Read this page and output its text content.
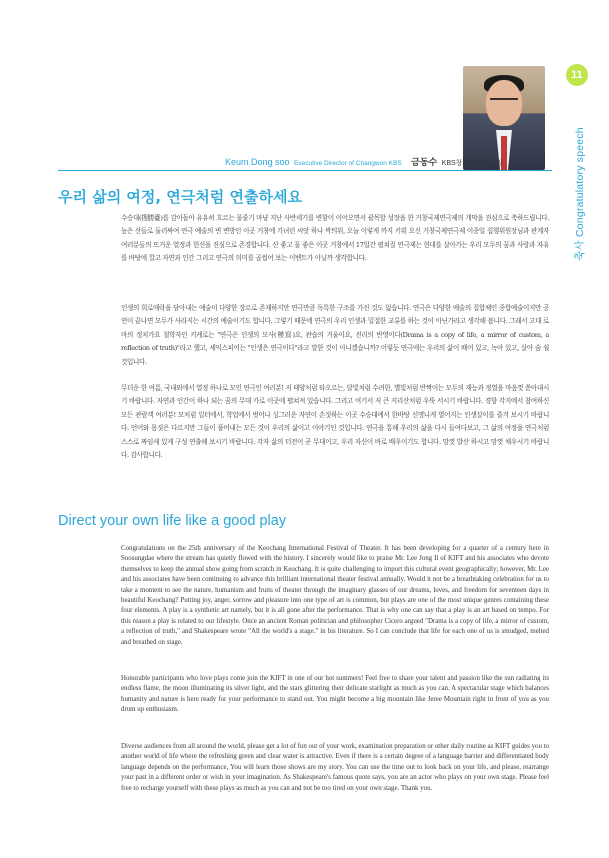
11
축사 Congratulatory speech
Keum Dong soo Executive Director of Changwon KBS 금동수 KBS창원방송총국장
우리 삶의 여정, 연극처럼 연출하세요

수승대(搜勝臺)를 감아돌아 유유히 흐르는 물줄기 마냥 지난 사반세기를 변함이 이어오면서 괄목할 성장을 한 거창국제연극제의 개막을 진심으로 축하드립니다. 높은 산들로 둘러싸여 연극 예술의 변 변방인 이곳 거창에 가녀린 씨앗 하나 싹틔워, 오늘 이렇게 까지 키워 오신 거창국제연극제 이종일 집행위원장님과 관계자 여러분들의 뜨거운 열정과 헌신을 진심으로 존경합니다. 산 좋고 물 좋은 이곳 거창에서 17일간 펼쳐질 연극제는 현대를 살아가는 우리 모두의 꿈과 사랑과 자유를 바탕에 깔고 자연과 인간 그리고 연극의 의미를 곱씹어 보는 이벤트가 아닐까 생각합니다.

인생의 희로애락을 담아내는 예술이 다양한 장르로 존재하지만 연극만큼 독특한 구조를 가진 것도 없습니다. 연극은 다양한 예술의 집합체인 종합예술이지만 공연이 끝나면 모두가 사라지는 시간의 예술이기도 합니다. 그렇기 때문에 연극의 우리 인생과 밀접한 교류를 하는 것이 아닌가라고 생각해 봅니다. 그래서 고대 로마의 정치가요 철학자인 키케로는 "연극은 인생의 모사(模寫)요, 관습의 거울이요, 진리의 반영이다(Drama is a copy of life, a mirror of custom, a reflection of truth)"라고 했고, 셰익스피어는 "인생은 연극이다"라고 말한 것이 아니겠습니까? 이렇듯 연극에는 우리의 삶이 배어 있고, 녹아 있고, 살아 숨 쉴 것입니다.

무더운 한 여름, 국내외에서 열정 하나로 모인 연극인 여러분! 저 태양처럼 타오르는, 달빛처럼 수려한, 별빛처럼 반짝이는 모두의 재능과 정열을 마음껏 쏟아내시기 바랍니다. 자연과 인간이 하나 되는 꿈의 무대 가로 이곳에 펼쳐져 있습니다. 그리고 여기서 저 큰 지리산처럼 우뚝 서시기 바랍니다. 경향 각지에서 참여하신 모든 관람객 여러분! 모처럼 일터에서, 학업에서 벗어나 싱그러운 자연이 손짓하는 이곳 수승대에서 한바탕 신명나게 벌어지는 인생살이를 즐겨 보시기 바랍니다. 언어와 몸짓은 다르지만 그들이 풀어내는 모든 것이 우리의 삶이고 이야기인 것입니다. 연극을 통해 우리의 삶을 다시 들여다보고, 그 삶의 여정을 연극처럼 스스로 짜임새 있게 구성 연출해 보시기 바랍니다. 각자 삶의 터전이 곧 무대이고, 우리 자신이 바로 배우이기도 합니다. 맘껏 발산 하시고 맘껏 채우시기 바랍니다. 감사합니다.

Direct your own life like a good play

Congratulations on the 25th anniversary of the Keochang International Festival of Theater. It has been developing for a quarter of a century here in Soosungdae where the stream has quietly flowed with the history. I sincerely would like to praise Mr. Lee Jong Il of KIFT and his associates who devote themselves to keep the annual show going from scratch in Keochang. It is quite challenging to import this cultural event geographically; however, Mr. Lee and his associates have been continuing to advance this brilliant international theater festival annually. Would it not be a breathtaking celebration for us to take a moment to see the nature, humanism and fruits of theater through the imaginary glasses of our dreams, loves, and freedom for seventeen days in beautiful Keochang? Putting joy, anger, sorrow and pleasure into one type of art is common, but plays are one of the most unique genres containing these four elements. A play is a synthetic art namely, but it is all gone after the performance. That is why one can say that a play is an art based on tempo. For this reason a play is related to our lifestyle. Once an ancient Roman politician and philosopher Cicero argued "Drama is a copy of life, a mirror of custom, a reflection of truth," and Shakespeare wrote "All the world's a stage." in his literature. So I can conclude that life for each one of us is smudged, melted and breathed on stage.

Honorable participants who love plays come join the KIFT in one of our hot summers! Feel free to share your talent and passion like the sun radiating its endless flame, the moon illuminating its silver light, and the stars glittering their delicate starlight as much as you can. A spectacular stage which balances humanity and nature is here ready for your performance to stand out. You might become a big mountain like Jeree Mountain right in front of you as you drum up enthusiasm.

Diverse audiences from all around the world, please get a lot of fun out of your work, examination preparation or other daily routine as KIFT guides you to another world of life where the refreshing green and clear water is attractive. Even if there is a certain degree of a language barrier and differentiated body language depends on the performance, You will learn those shows are my story. You can use the time out to look back on your life, and please, rearrange your past in a different order or wish in your imagination. As Shakespeare's famous quote says, you are an actor who plays on your own stage. Please feel free to recharge yourself with these plays as much as you can and not be too tired on your own stage. Thank you.
